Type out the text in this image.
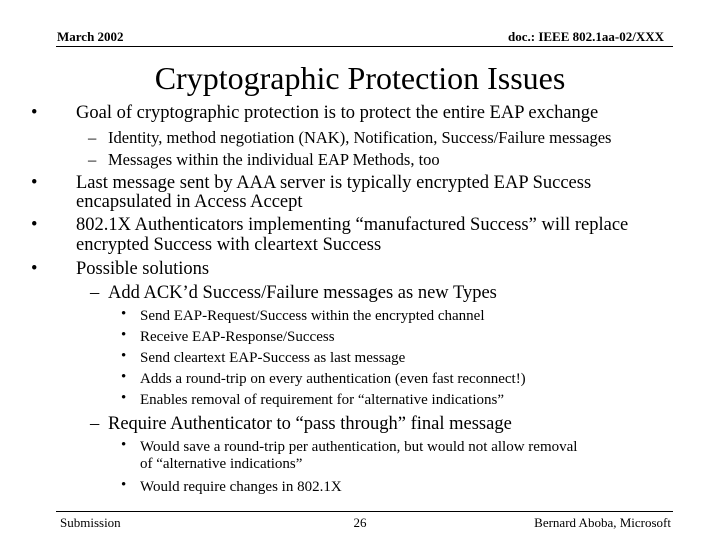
March 2002	doc.: IEEE 802.1aa-02/XXX
Cryptographic Protection Issues
• Goal of cryptographic protection is to protect the entire EAP exchange
– Identity, method negotiation (NAK), Notification, Success/Failure messages
– Messages within the individual EAP Methods, too
• Last message sent by AAA server is typically encrypted EAP Success
encapsulated in Access Accept
• 802.1X Authenticators implementing “manufactured Success” will replace
encrypted Success with cleartext Success
• Possible solutions
– Add ACK’d Success/Failure messages as new Types
• Send EAP-Request/Success within the encrypted channel
• Receive EAP-Response/Success
• Send cleartext EAP-Success as last message
• Adds a round-trip on every authentication (even fast reconnect!)
• Enables removal of requirement for “alternative indications”
– Require Authenticator to “pass through” final message
• Would save a round-trip per authentication, but would not allow removal
of “alternative indications”
• Would require changes in 802.1X
Submission	26	Bernard Aboba, Microsoft
